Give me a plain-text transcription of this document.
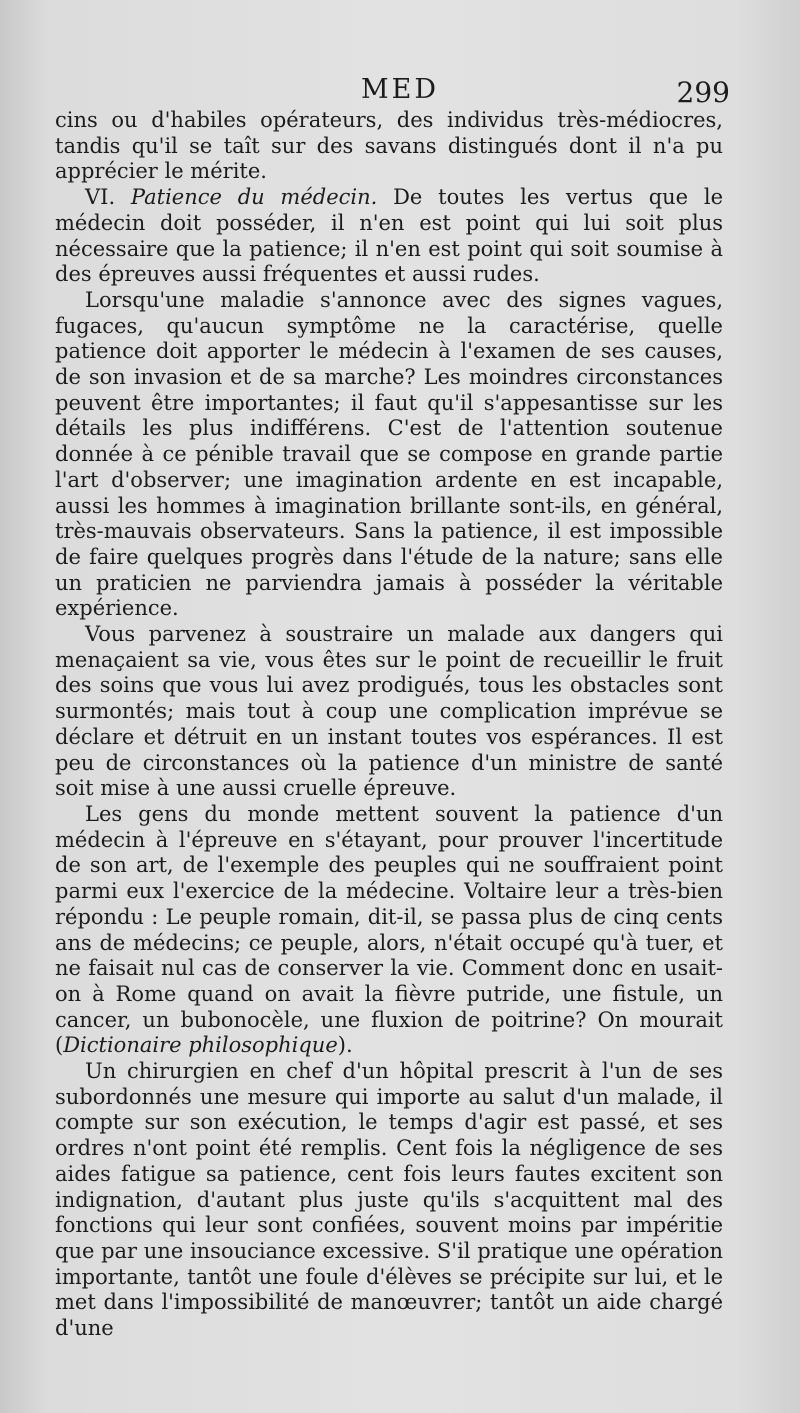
MED	299

cins ou d'habiles opérateurs, des individus très-médiocres, tandis qu'il se taît sur des savans distingués dont il n'a pu apprécier le mérite.

VI. Patience du médecin. De toutes les vertus que le médecin doit posséder, il n'en est point qui lui soit plus nécessaire que la patience; il n'en est point qui soit soumise à des épreuves aussi fréquentes et aussi rudes.

Lorsqu'une maladie s'annonce avec des signes vagues, fugaces, qu'aucun symptôme ne la caractérise, quelle patience doit apporter le médecin à l'examen de ses causes, de son invasion et de sa marche? Les moindres circonstances peuvent être importantes; il faut qu'il s'appesantisse sur les détails les plus indifférens. C'est de l'attention soutenue donnée à ce pénible travail que se compose en grande partie l'art d'observer; une imagination ardente en est incapable, aussi les hommes à imagination brillante sont-ils, en général, très-mauvais observateurs. Sans la patience, il est impossible de faire quelques progrès dans l'étude de la nature; sans elle un praticien ne parviendra jamais à posséder la véritable expérience.

Vous parvenez à soustraire un malade aux dangers qui menaçaient sa vie, vous êtes sur le point de recueillir le fruit des soins que vous lui avez prodigués, tous les obstacles sont surmontés; mais tout à coup une complication imprévue se déclare et détruit en un instant toutes vos espérances. Il est peu de circonstances où la patience d'un ministre de santé soit mise à une aussi cruelle épreuve.

Les gens du monde mettent souvent la patience d'un médecin à l'épreuve en s'étayant, pour prouver l'incertitude de son art, de l'exemple des peuples qui ne souffraient point parmi eux l'exercice de la médecine. Voltaire leur a très-bien répondu : Le peuple romain, dit-il, se passa plus de cinq cents ans de médecins; ce peuple, alors, n'était occupé qu'à tuer, et ne faisait nul cas de conserver la vie. Comment donc en usait-on à Rome quand on avait la fièvre putride, une fistule, un cancer, un bubonocèle, une fluxion de poitrine? On mourait (Dictionaire philosophique).

Un chirurgien en chef d'un hôpital prescrit à l'un de ses subordonnés une mesure qui importe au salut d'un malade, il compte sur son exécution, le temps d'agir est passé, et ses ordres n'ont point été remplis. Cent fois la négligence de ses aides fatigue sa patience, cent fois leurs fautes excitent son indignation, d'autant plus juste qu'ils s'acquittent mal des fonctions qui leur sont confiées, souvent moins par impéritie que par une insouciance excessive. S'il pratique une opération importante, tantôt une foule d'élèves se précipite sur lui, et le met dans l'impossibilité de manœuvrer; tantôt un aide chargé d'une
